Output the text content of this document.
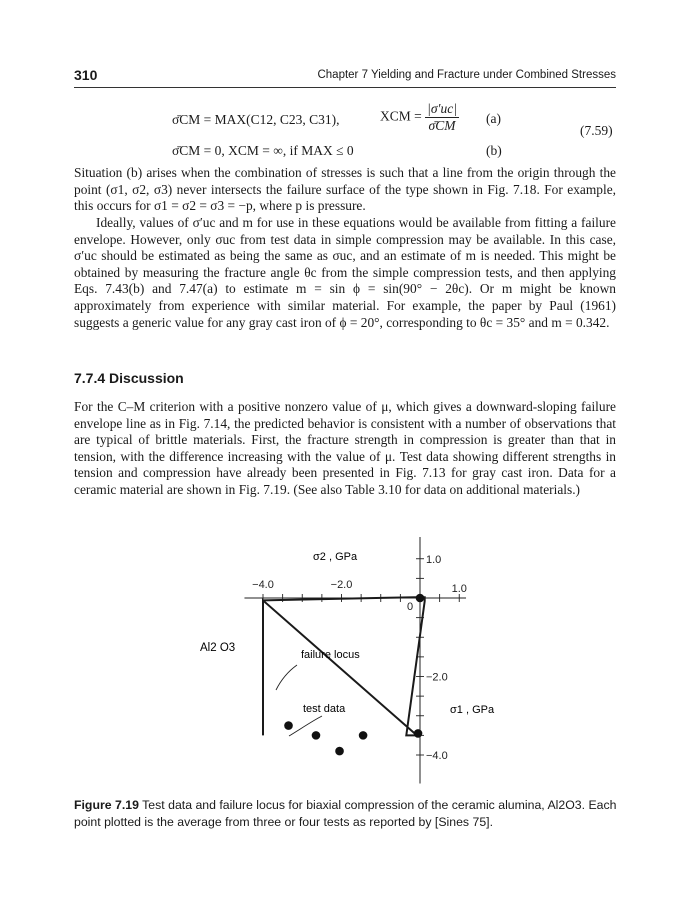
310	Chapter 7 Yielding and Fracture under Combined Stresses
σ̄CM = MAX(C12, C23, C31),	XCM = $\frac{|\sigma'uc|}{\sigmāCM} (a)$
(7.59)
σ̄CM = 0, XCM = ∞, if MAX ≤ 0	(b)
Situation (b) arises when the combination of stresses is such that a line from the origin through the point (σ1, σ2, σ3) never intersects the failure surface of the type shown in Fig. 7.18. For example, this occurs for σ1 = σ2 = σ3 = −p, where p is pressure.
Ideally, values of σ′uc and m for use in these equations would be available from fitting a failure envelope. However, only σuc from test data in simple compression may be available. In this case, σ′uc should be estimated as being the same as σuc, and an estimate of m is needed. This might be obtained by measuring the fracture angle θc from the simple compression tests, and then applying Eqs. 7.43(b) and 7.47(a) to estimate m = sin ϕ = sin(90° − 2θc). Or m might be known approximately from experience with similar material. For example, the paper by Paul (1961) suggests a generic value for any gray cast iron of ϕ = 20°, corresponding to θc = 35° and m = 0.342.
7.7.4 Discussion
For the C–M criterion with a positive nonzero value of μ, which gives a downward-sloping failure envelope line as in Fig. 7.14, the predicted behavior is consistent with a number of observations that are typical of brittle materials. First, the fracture strength in compression is greater than that in tension, with the difference increasing with the value of μ. Test data showing different strengths in tension and compression have already been presented in Fig. 7.13 for gray cast iron. Data for a ceramic material are shown in Fig. 7.19. (See also Table 3.10 for data on additional materials.)
−4.0	−2.0
0
1.0
−4.0
−2.0
1.0
σ2 , GPa
σ1 , GPa
Al2 O3
failure locus
test data
Figure 7.19 Test data and failure locus for biaxial compression of the ceramic alumina, Al2O3. Each point plotted is the average from three or four tests as reported by [Sines 75].
